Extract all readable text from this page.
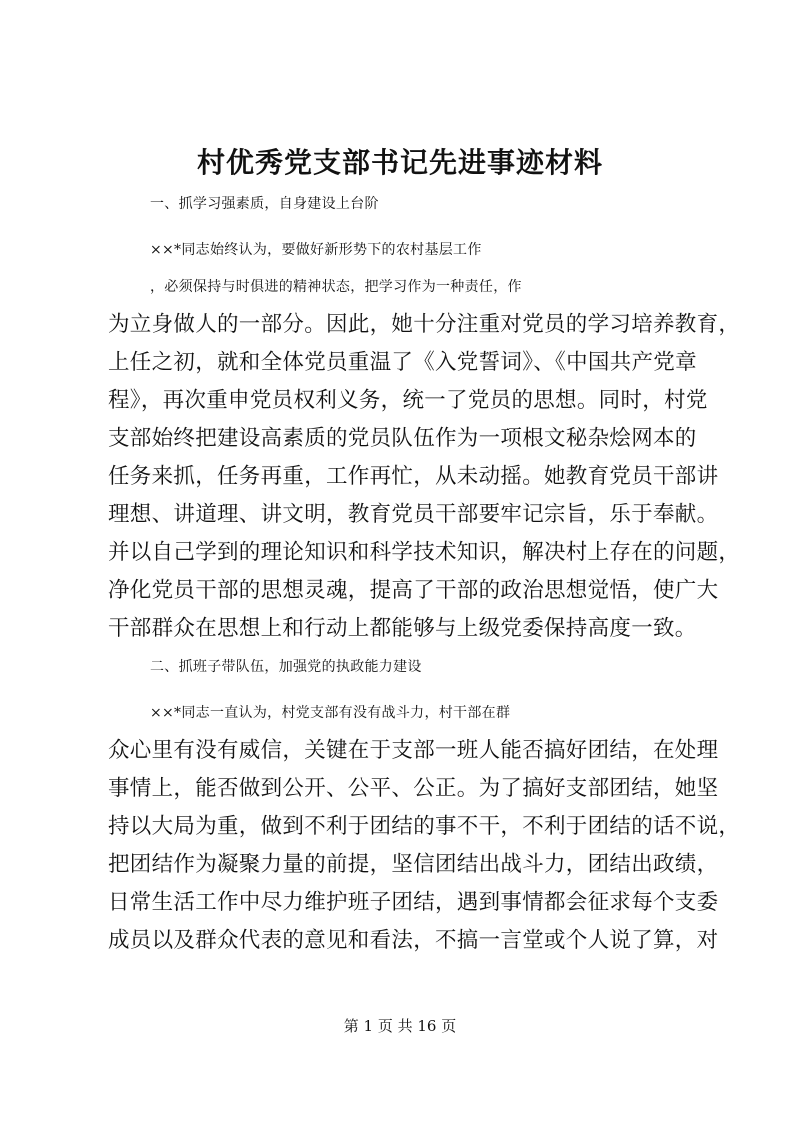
村优秀党支部书记先进事迹材料
一、抓学习强素质，自身建设上台阶
××*同志始终认为，要做好新形势下的农村基层工作
，必须保持与时俱进的精神状态，把学习作为一种责任，作
为立身做人的一部分。因此，她十分注重对党员的学习培养教育，
上任之初，就和全体党员重温了《入党誓词》、《中国共产党章
程》，再次重申党员权利义务，统一了党员的思想。同时，村党
支部始终把建设高素质的党员队伍作为一项根文秘杂烩网本的
任务来抓，任务再重，工作再忙，从未动摇。她教育党员干部讲
理想、讲道理、讲文明，教育党员干部要牢记宗旨，乐于奉献。
并以自己学到的理论知识和科学技术知识，解决村上存在的问题，
净化党员干部的思想灵魂，提高了干部的政治思想觉悟，使广大
干部群众在思想上和行动上都能够与上级党委保持高度一致。
二、抓班子带队伍，加强党的执政能力建设
××*同志一直认为，村党支部有没有战斗力，村干部在群
众心里有没有威信，关键在于支部一班人能否搞好团结，在处理
事情上，能否做到公开、公平、公正。为了搞好支部团结，她坚
持以大局为重，做到不利于团结的事不干，不利于团结的话不说，
把团结作为凝聚力量的前提，坚信团结出战斗力，团结出政绩，
日常生活工作中尽力维护班子团结，遇到事情都会征求每个支委
成员以及群众代表的意见和看法，不搞一言堂或个人说了算，对
第 1 页 共 16 页
